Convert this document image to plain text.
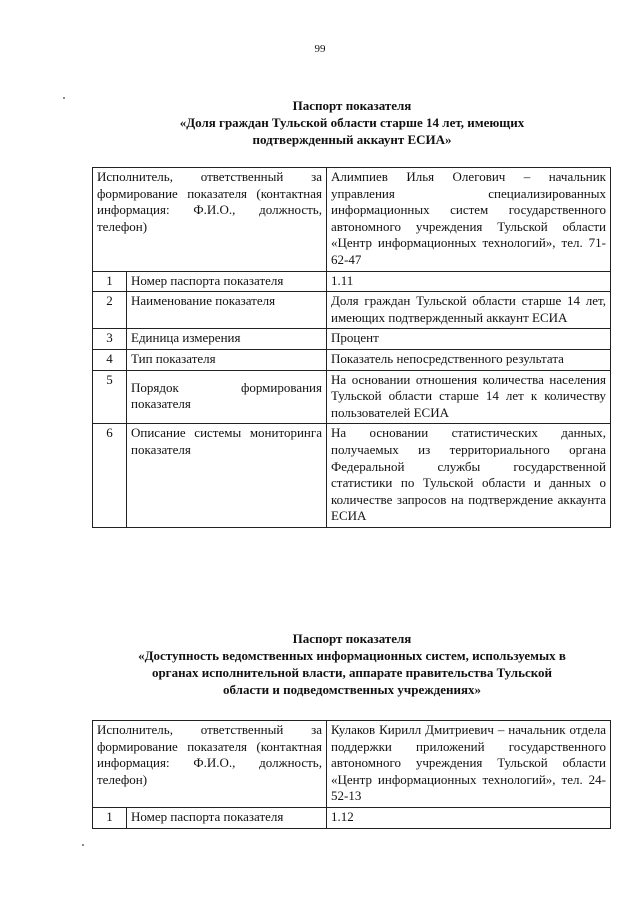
99
Паспорт показателя
«Доля граждан Тульской области старше 14 лет, имеющих
подтвержденный аккаунт ЕСИА»
Исполнитель, ответственный за формирование показателя (контактная информация: Ф.И.О., должность, телефон)		Алимпиев Илья Олегович – начальник управления специализированных информационных систем государственного автономного учреждения Тульской области «Центр информационных технологий», тел. 71-62-47
1	Номер паспорта показателя	1.11
2	Наименование показателя	Доля граждан Тульской области старше 14 лет, имеющих подтвержденный аккаунт ЕСИА
3	Единица измерения	Процент
4	Тип показателя	Показатель непосредственного результата
5	Порядок формирования показателя	На основании отношения количества населения Тульской области старше 14 лет к количеству пользователей ЕСИА
6	Описание системы мониторинга показателя	На основании статистических данных, получаемых из территориального органа Федеральной службы государственной статистики по Тульской области и данных о количестве запросов на подтверждение аккаунта ЕСИА
Паспорт показателя
«Доступность ведомственных информационных систем, используемых в
органах исполнительной власти, аппарате правительства Тульской
области и подведомственных учреждениях»
Исполнитель, ответственный за формирование показателя (контактная информация: Ф.И.О., должность, телефон)		Кулаков Кирилл Дмитриевич – начальник отдела поддержки приложений государственного автономного учреждения Тульской области «Центр информационных технологий», тел. 24-52-13
1	Номер паспорта показателя	1.12
